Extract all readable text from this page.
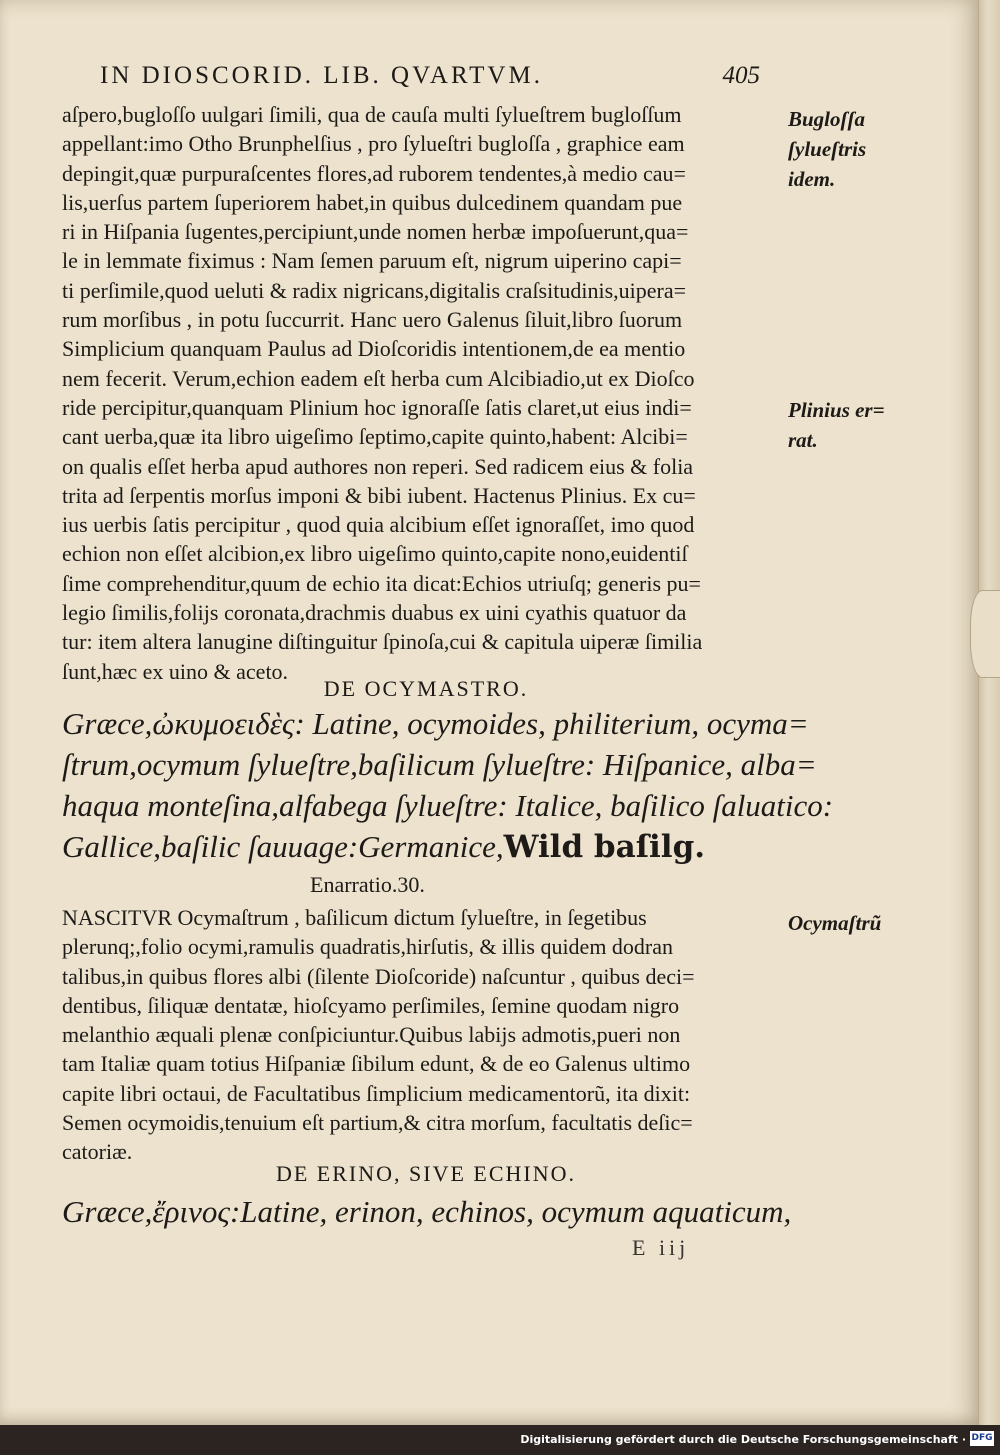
IN DIOSCORID. LIB. QVARTVM.	405
aſpero,bugloſſo uulgari ſimili, qua de cauſa multi ſylueſtrem bugloſſum
appellant:imo Otho Brunphelſius , pro ſylueſtri bugloſſa , graphice eam
depingit,quæ purpuraſcentes flores,ad ruborem tendentes,à medio cau=
lis,uerſus partem ſuperiorem habet,in quibus dulcedinem quandam pue
ri in Hiſpania ſugentes,percipiunt,unde nomen herbæ impoſuerunt,qua=
le in lemmate fiximus : Nam ſemen paruum eſt, nigrum uiperino capi=
ti perſimile,quod ueluti & radix nigricans,digitalis craſsitudinis,uipera=
rum morſibus , in potu ſuccurrit. Hanc uero Galenus ſiluit,libro ſuorum
Simplicium quanquam Paulus ad Dioſcoridis intentionem,de ea mentio
nem fecerit. Verum,echion eadem eſt herba cum Alcibiadio,ut ex Dioſco
ride percipitur,quanquam Plinium hoc ignoraſſe ſatis claret,ut eius indi=
cant uerba,quæ ita libro uigeſimo ſeptimo,capite quinto,habent: Alcibi=
on qualis eſſet herba apud authores non reperi. Sed radicem eius & folia
trita ad ſerpentis morſus imponi & bibi iubent. Hactenus Plinius. Ex cu=
ius uerbis ſatis percipitur , quod quia alcibium eſſet ignoraſſet, imo quod
echion non eſſet alcibion,ex libro uigeſimo quinto,capite nono,euidentiſ
ſime comprehenditur,quum de echio ita dicat:Echios utriuſq; generis pu=
legio ſimilis,folijs coronata,drachmis duabus ex uini cyathis quatuor da
tur: item altera lanugine diſtinguitur ſpinoſa,cui & capitula uiperæ ſimilia
ſunt,hæc ex uino & aceto.
DE OCYMASTRO.
Græce,ὠκυμοειδὲς: Latine, ocymoides, philiterium, ocyma=
ſtrum,ocymum ſylueſtre,baſilicum ſylueſtre: Hiſpanice, alba=
haqua monteſina,alfabega ſylueſtre: Italice, baſilico ſaluatico:
Gallice,baſilic ſauuage:Germanice,Wild baſilg.
Enarratio.30.
NASCITVR Ocymaſtrum , baſilicum dictum ſylueſtre, in ſegetibus
plerunq;,folio ocymi,ramulis quadratis,hirſutis, & illis quidem dodran
talibus,in quibus flores albi (ſilente Dioſcoride) naſcuntur , quibus deci=
dentibus, ſiliquæ dentatæ, hioſcyamo perſimiles, ſemine quodam nigro
melanthio æquali plenæ conſpiciuntur.Quibus labijs admotis,pueri non
tam Italiæ quam totius Hiſpaniæ ſibilum edunt, & de eo Galenus ultimo
capite libri octaui, de Facultatibus ſimplicium medicamentorũ, ita dixit:
Semen ocymoidis,tenuium eſt partium,& citra morſum, facultatis deſic=
catoriæ.
DE ERINO, SIVE ECHINO.
Græce,ἔρινος:Latine, erinon, echinos, ocymum aquaticum,
E iij
Bugloſſa
ſylueſtris
idem.
Plinius er=
rat.
Ocymaſtrũ
Digitalisierung gefördert durch die Deutsche Forschungsgemeinschaft · DFG
